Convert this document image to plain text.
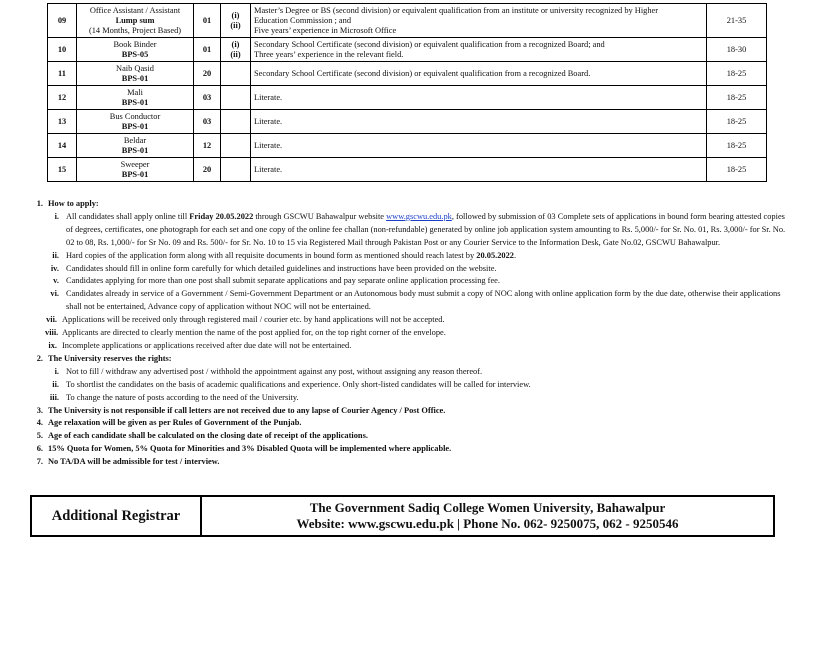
09	Office Assistant / Assistant
Lump sum
(14 Months, Project Based)	01	(i)
(ii)	Master’s Degree or BS (second division) or equivalent qualification from an institute or university recognized by Higher
Education Commission ; and
Five years’ experience in Microsoft Office	21-35
10	Book Binder
BPS-05	01	(i)
(ii)	Secondary School Certificate (second division) or equivalent qualification from a recognized Board; and
Three years’ experience in the relevant field.	18-30
11	Naib Qasid
BPS-01	20		Secondary School Certificate (second division) or equivalent qualification from a recognized Board.	18-25
12	Mali
BPS-01	03		Literate.	18-25
13	Bus Conductor
BPS-01	03		Literate.	18-25
14	Beldar
BPS-01	12		Literate.	18-25
15	Sweeper
BPS-01	20		Literate.	18-25
1. How to apply:
i. All candidates shall apply online till Friday 20.05.2022 through GSCWU Bahawalpur website www.gscwu.edu.pk, followed by submission of 03 Complete sets of applications in bound form bearing attested copies of degrees, certificates, one photograph for each set and one copy of the online fee challan (non-refundable) generated by online job application system amounting to Rs. 5,000/- for Sr. No. 01, Rs. 3,000/- for Sr. No. 02 to 08, Rs. 1,000/- for Sr No. 09 and Rs. 500/- for Sr. No. 10 to 15 via Registered Mail through Pakistan Post or any Courier Service to the Information Desk, Gate No.02, GSCWU Bahawalpur.
ii. Hard copies of the application form along with all requisite documents in bound form as mentioned should reach latest by 20.05.2022.
iv. Candidates should fill in online form carefully for which detailed guidelines and instructions have been provided on the website.
v. Candidates applying for more than one post shall submit separate applications and pay separate online application processing fee.
vi. Candidates already in service of a Government / Semi-Government Department or an Autonomous body must submit a copy of NOC along with online application form by the due date, otherwise their applications shall not be entertained, Advance copy of application without NOC will not be entertained.
vii. Applications will be received only through registered mail / courier etc. by hand applications will not be accepted.
viii. Applicants are directed to clearly mention the name of the post applied for, on the top right corner of the envelope.
ix. Incomplete applications or applications received after due date will not be entertained.
2. The University reserves the rights:
i. Not to fill / withdraw any advertised post / withhold the appointment against any post, without assigning any reason thereof.
ii. To shortlist the candidates on the basis of academic qualifications and experience. Only short-listed candidates will be called for interview.
iii. To change the nature of posts according to the need of the University.
3. The University is not responsible if call letters are not received due to any lapse of Courier Agency / Post Office.
4. Age relaxation will be given as per Rules of Government of the Punjab.
5. Age of each candidate shall be calculated on the closing date of receipt of the applications.
6. 15% Quota for Women, 5% Quota for Minorities and 3% Disabled Quota will be implemented where applicable.
7. No TA/DA will be admissible for test / interview.
Additional Registrar	The Government Sadiq College Women University, Bahawalpur
Website: www.gscwu.edu.pk | Phone No. 062- 9250075, 062 - 9250546
